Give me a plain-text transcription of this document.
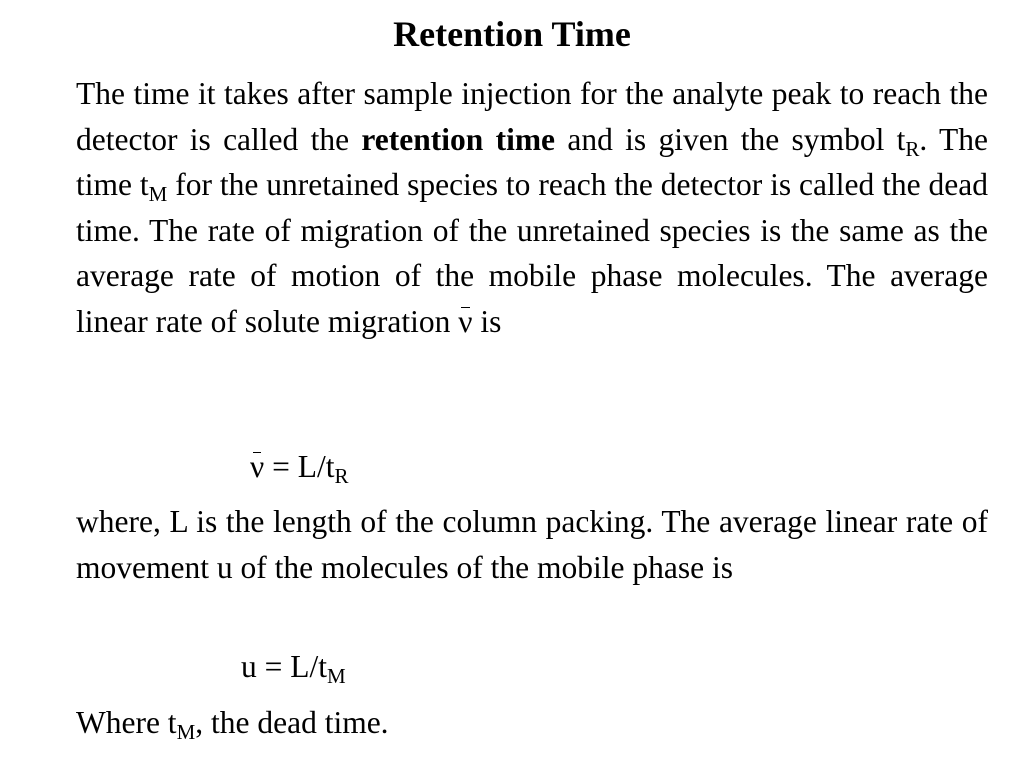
Retention Time

The time it takes after sample injection for the analyte peak to reach the detector is called the retention time and is given the symbol $t_R$. The time $t_M$ for the unretained species to reach the detector is called the dead time. The rate of migration of the unretained species is the same as the average rate of motion of the mobile phase molecules. The average linear rate of solute migration ν is

$\nu = L/t_R$

where, L is the length of the column packing. The average linear rate of movement u of the molecules of the mobile phase is

$u = L/t_M$

Where $t_M$, the dead time.
